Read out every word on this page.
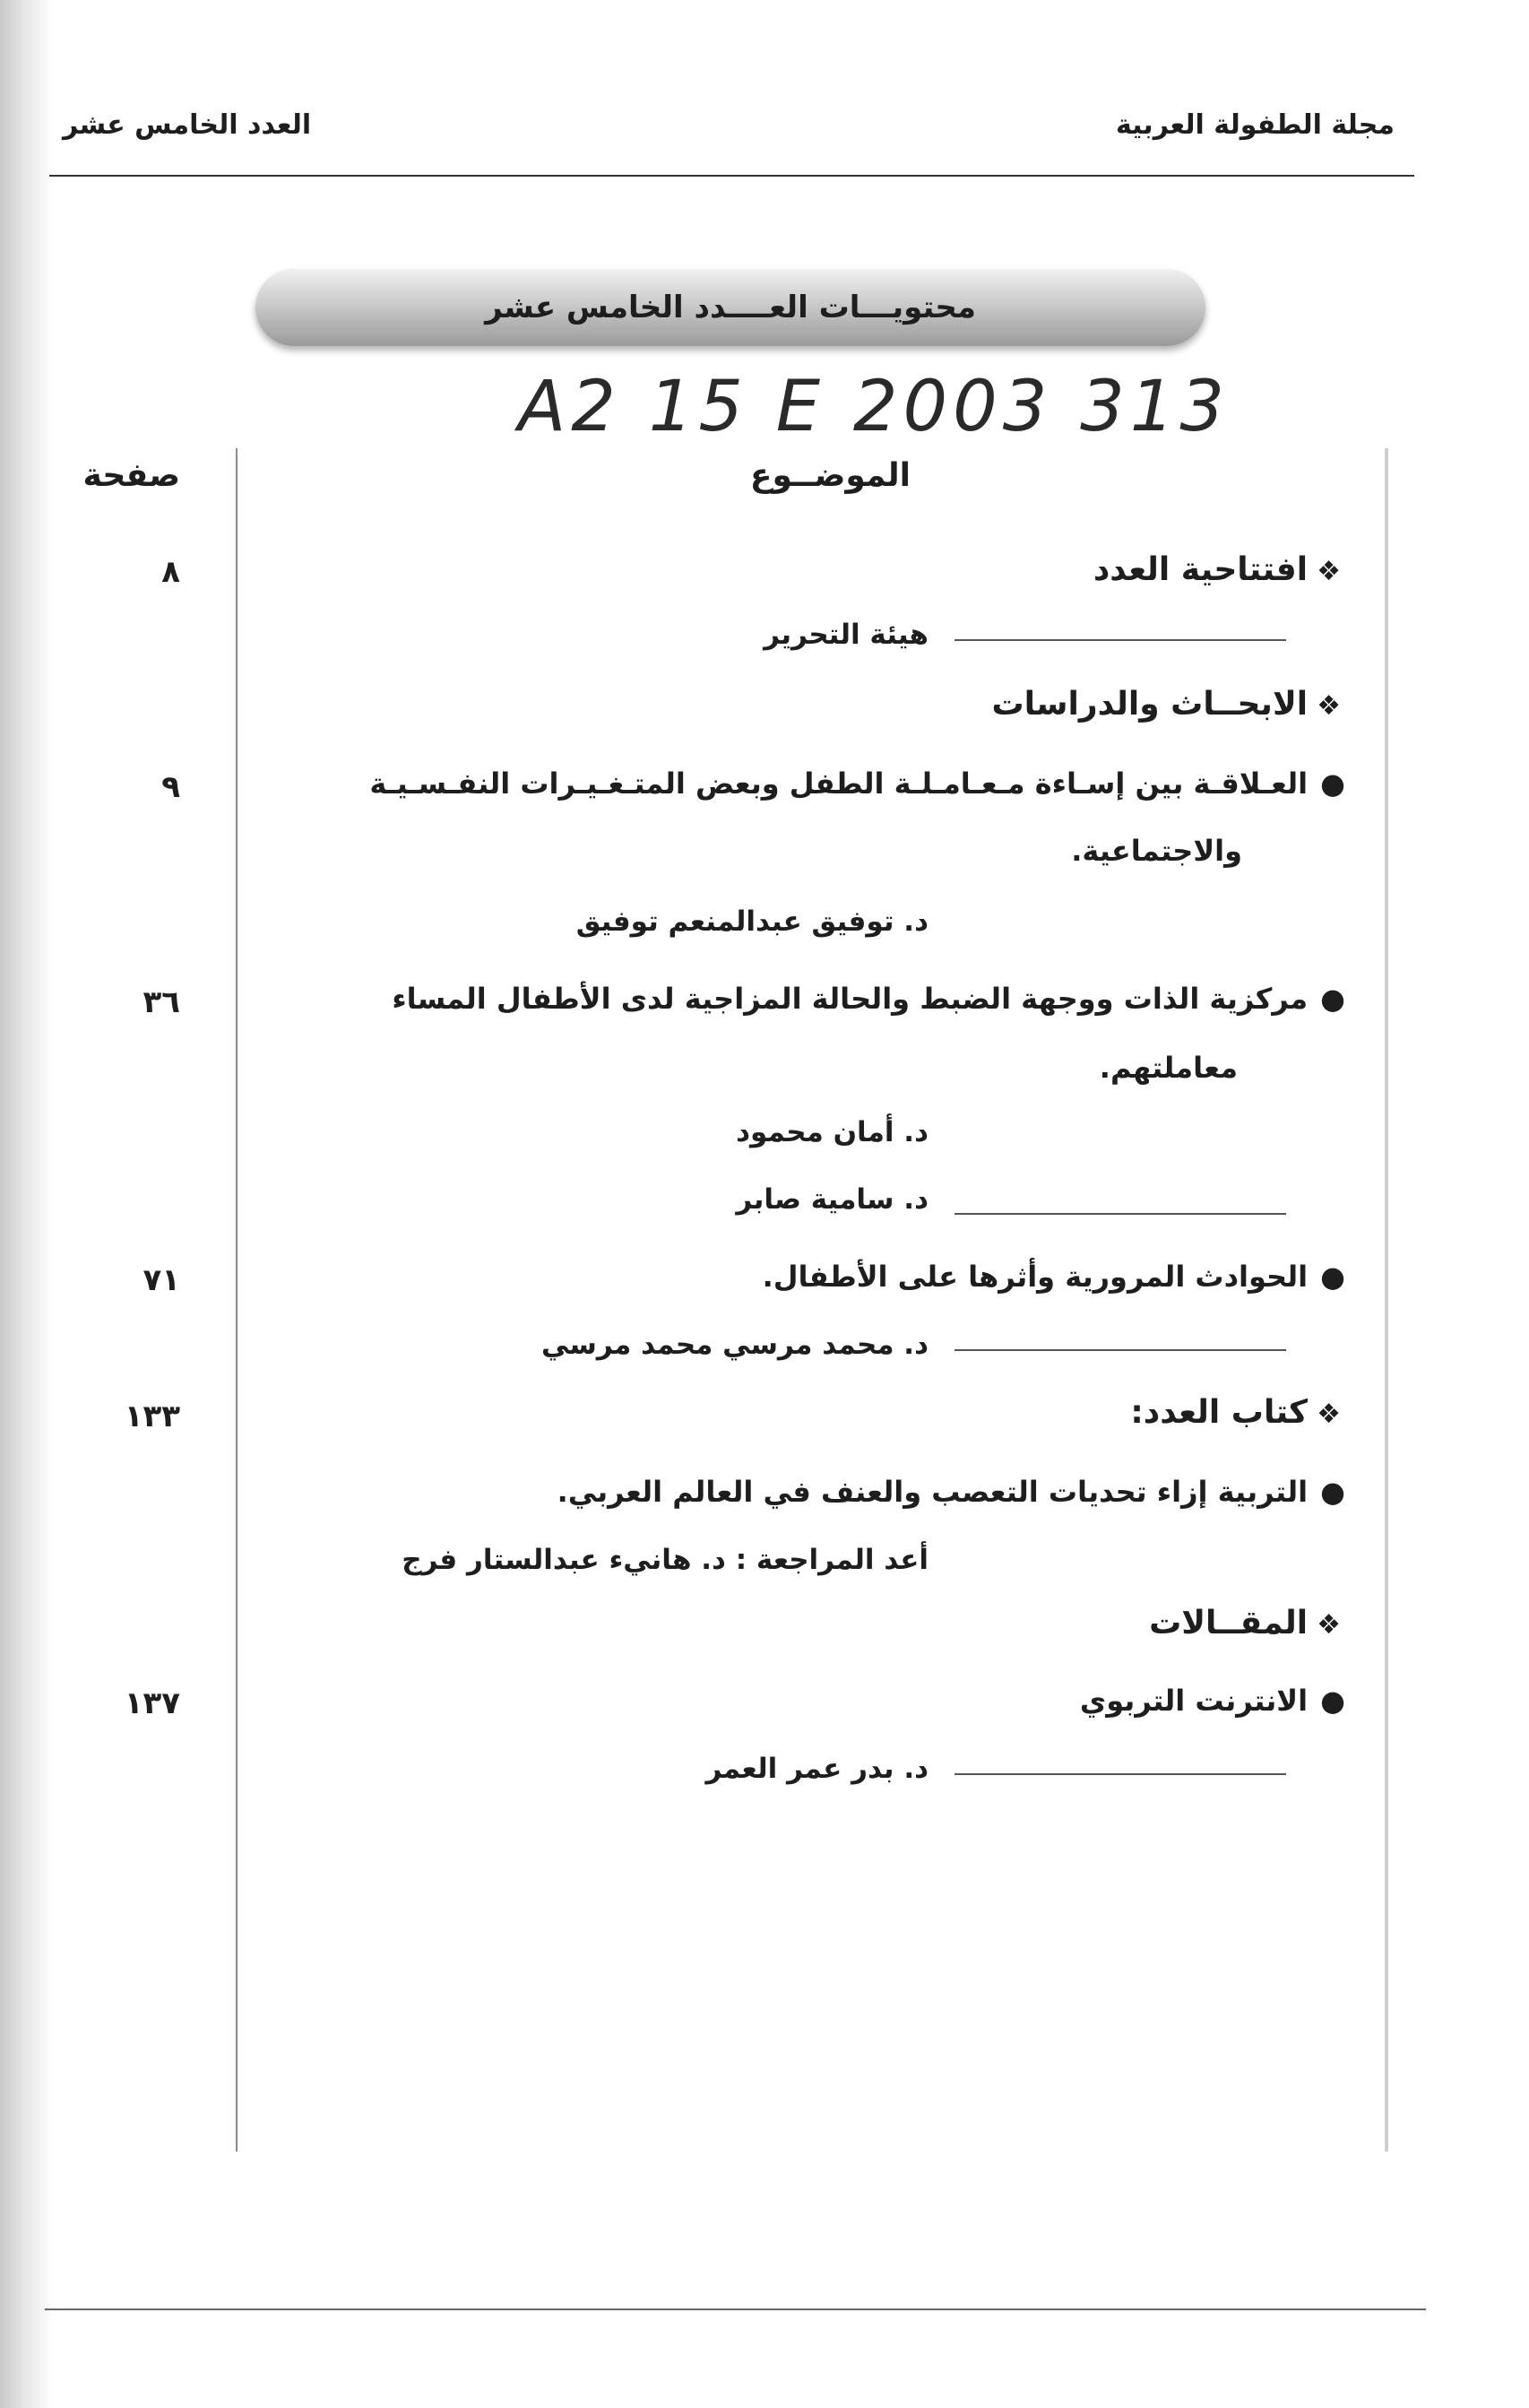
مجلة الطفولة العربية
العدد الخامس عشر
محتويـــات العــــدد الخامس عشر
A2 15 E 2003 313
صفحة	الموضــوع
❖افتتاحية العدد
٨
هيئة التحرير
❖الابحــاث والدراسات
●العـلاقـة بين إسـاءة مـعـامـلـة الطفل وبعض المتـغـيـرات النفـسـيـة
والاجتماعية.
٩
د. توفيق عبدالمنعم توفيق
●مركزية الذات ووجهة الضبط والحالة المزاجية لدى الأطفال المساء
معاملتهم.
٣٦
د. أمان محمود
د. سامية صابر
●الحوادث المرورية وأثرها على الأطفال.
٧١
د. محمد مرسي محمد مرسي
❖كتاب العدد:
١٣٣
●التربية إزاء تحديات التعصب والعنف في العالم العربي.
أعد المراجعة : د. هانيء عبدالستار فرج
❖المقــالات
●الانترنت التربوي
١٣٧
د. بدر عمر العمر
